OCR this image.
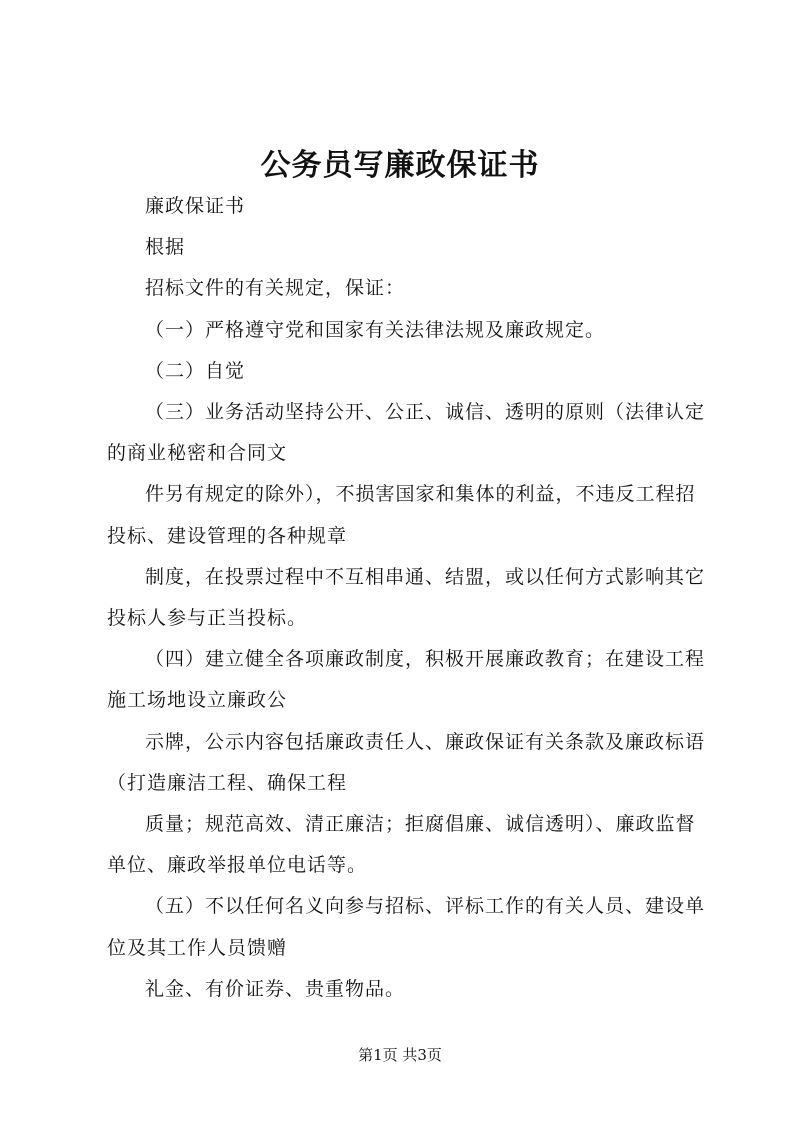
公务员写廉政保证书

廉政保证书

根据

招标文件的有关规定，保证：

（一）严格遵守党和国家有关法律法规及廉政规定。

（二）自觉

（三）业务活动坚持公开、公正、诚信、透明的原则（法律认定的商业秘密和合同文

件另有规定的除外），不损害国家和集体的利益，不违反工程招投标、建设管理的各种规章

制度，在投票过程中不互相串通、结盟，或以任何方式影响其它投标人参与正当投标。

（四）建立健全各项廉政制度，积极开展廉政教育；在建设工程施工场地设立廉政公

示牌，公示内容包括廉政责任人、廉政保证有关条款及廉政标语（打造廉洁工程、确保工程

质量；规范高效、清正廉洁；拒腐倡廉、诚信透明）、廉政监督单位、廉政举报单位电话等。

（五）不以任何名义向参与招标、评标工作的有关人员、建设单位及其工作人员馈赠

礼金、有价证券、贵重物品。

第1页 共3页
